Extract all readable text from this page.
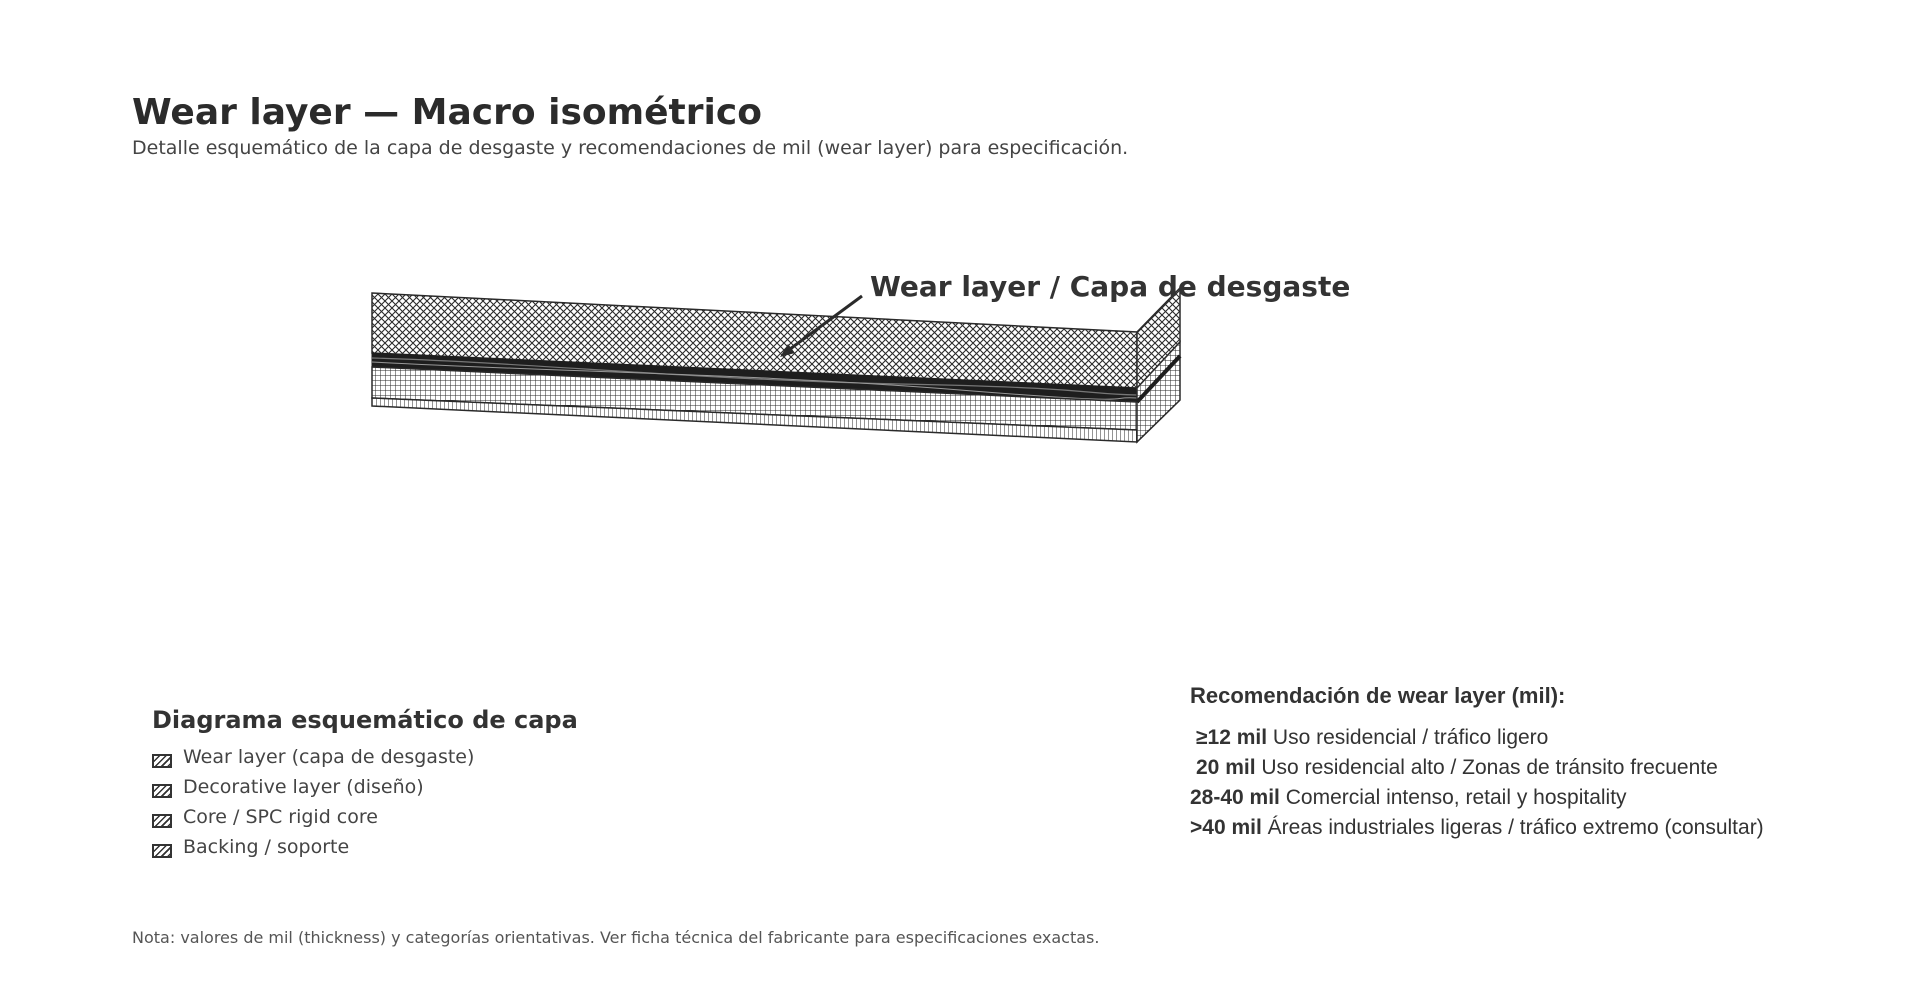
Wear layer — Macro isométrico
Detalle esquemático de la capa de desgaste y recomendaciones de mil (wear layer) para especificación.
Wear layer / Capa de desgaste
Diagrama esquemático de capa
Wear layer (capa de desgaste)
Decorative layer (diseño)
Core / SPC rigid core
Backing / soporte
Recomendación de wear layer (mil):
≥12 mil Uso residencial / tráfico ligero
20 mil Uso residencial alto / Zonas de tránsito frecuente
28-40 mil Comercial intenso, retail y hospitality
>40 mil Áreas industriales ligeras / tráfico extremo (consultar)
Nota: valores de mil (thickness) y categorías orientativas. Ver ficha técnica del fabricante para especificaciones exactas.
